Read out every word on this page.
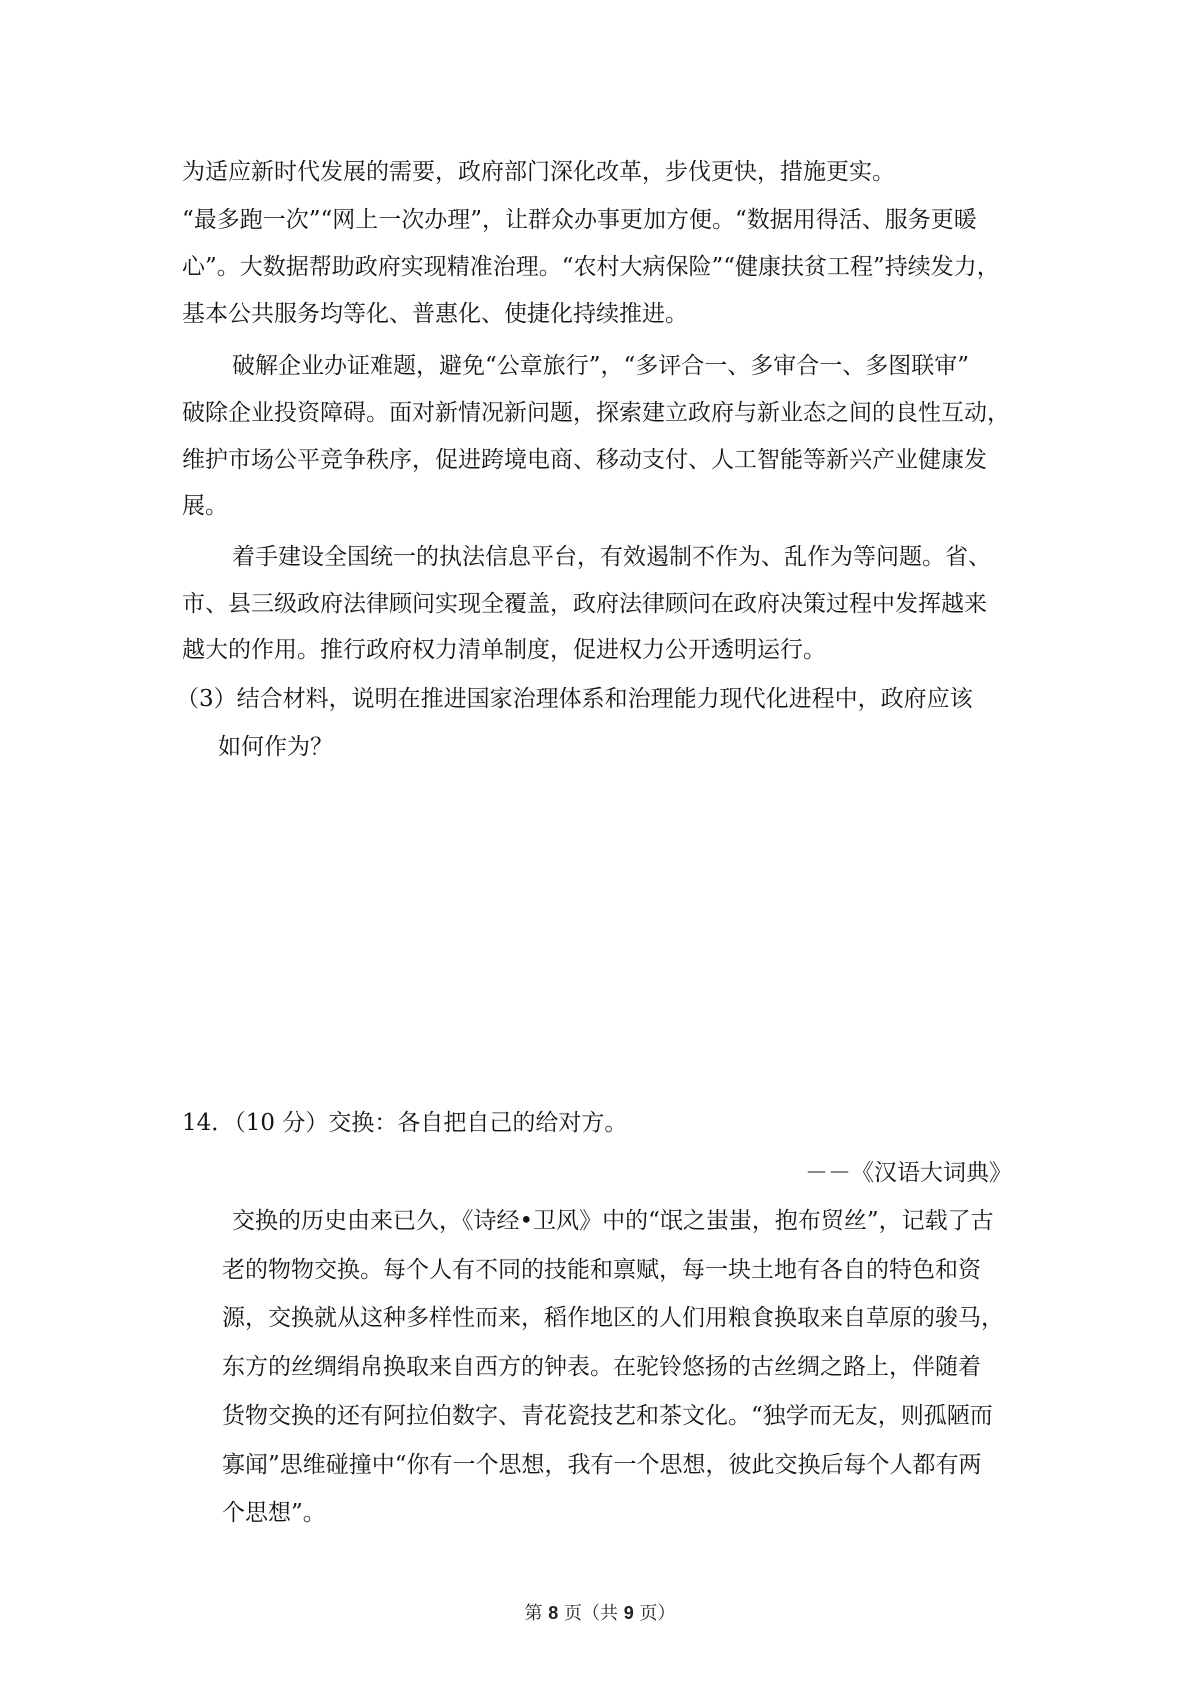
为适应新时代发展的需要，政府部门深化改革，步伐更快，措施更实。

“最多跑一次”“网上一次办理”，让群众办事更加方便。“数据用得活、服务更暖

心”。大数据帮助政府实现精准治理。“农村大病保险”“健康扶贫工程”持续发力，

基本公共服务均等化、普惠化、使捷化持续推进。

破解企业办证难题，避免“公章旅行”，“多评合一、多审合一、多图联审”

破除企业投资障碍。面对新情况新问题，探索建立政府与新业态之间的良性互动，

维护市场公平竞争秩序，促进跨境电商、移动支付、人工智能等新兴产业健康发

展。

着手建设全国统一的执法信息平台，有效遏制不作为、乱作为等问题。省、

市、县三级政府法律顾问实现全覆盖，政府法律顾问在政府决策过程中发挥越来

越大的作用。推行政府权力清单制度，促进权力公开透明运行。

（3）结合材料，说明在推进国家治理体系和治理能力现代化进程中，政府应该

如何作为？

14．（10 分）交换：各自把自己的给对方。

－－《汉语大词典》

交换的历史由来已久，《诗经•卫风》中的“氓之蚩蚩，抱布贸丝”，记载了古

老的物物交换。每个人有不同的技能和禀赋，每一块土地有各自的特色和资

源，交换就从这种多样性而来，稻作地区的人们用粮食换取来自草原的骏马，

东方的丝绸绢帛换取来自西方的钟表。在驼铃悠扬的古丝绸之路上，伴随着

货物交换的还有阿拉伯数字、青花瓷技艺和茶文化。“独学而无友，则孤陋而

寡闻”思维碰撞中“你有一个思想，我有一个思想，彼此交换后每个人都有两

个思想”。

第 8 页（共 9 页）
